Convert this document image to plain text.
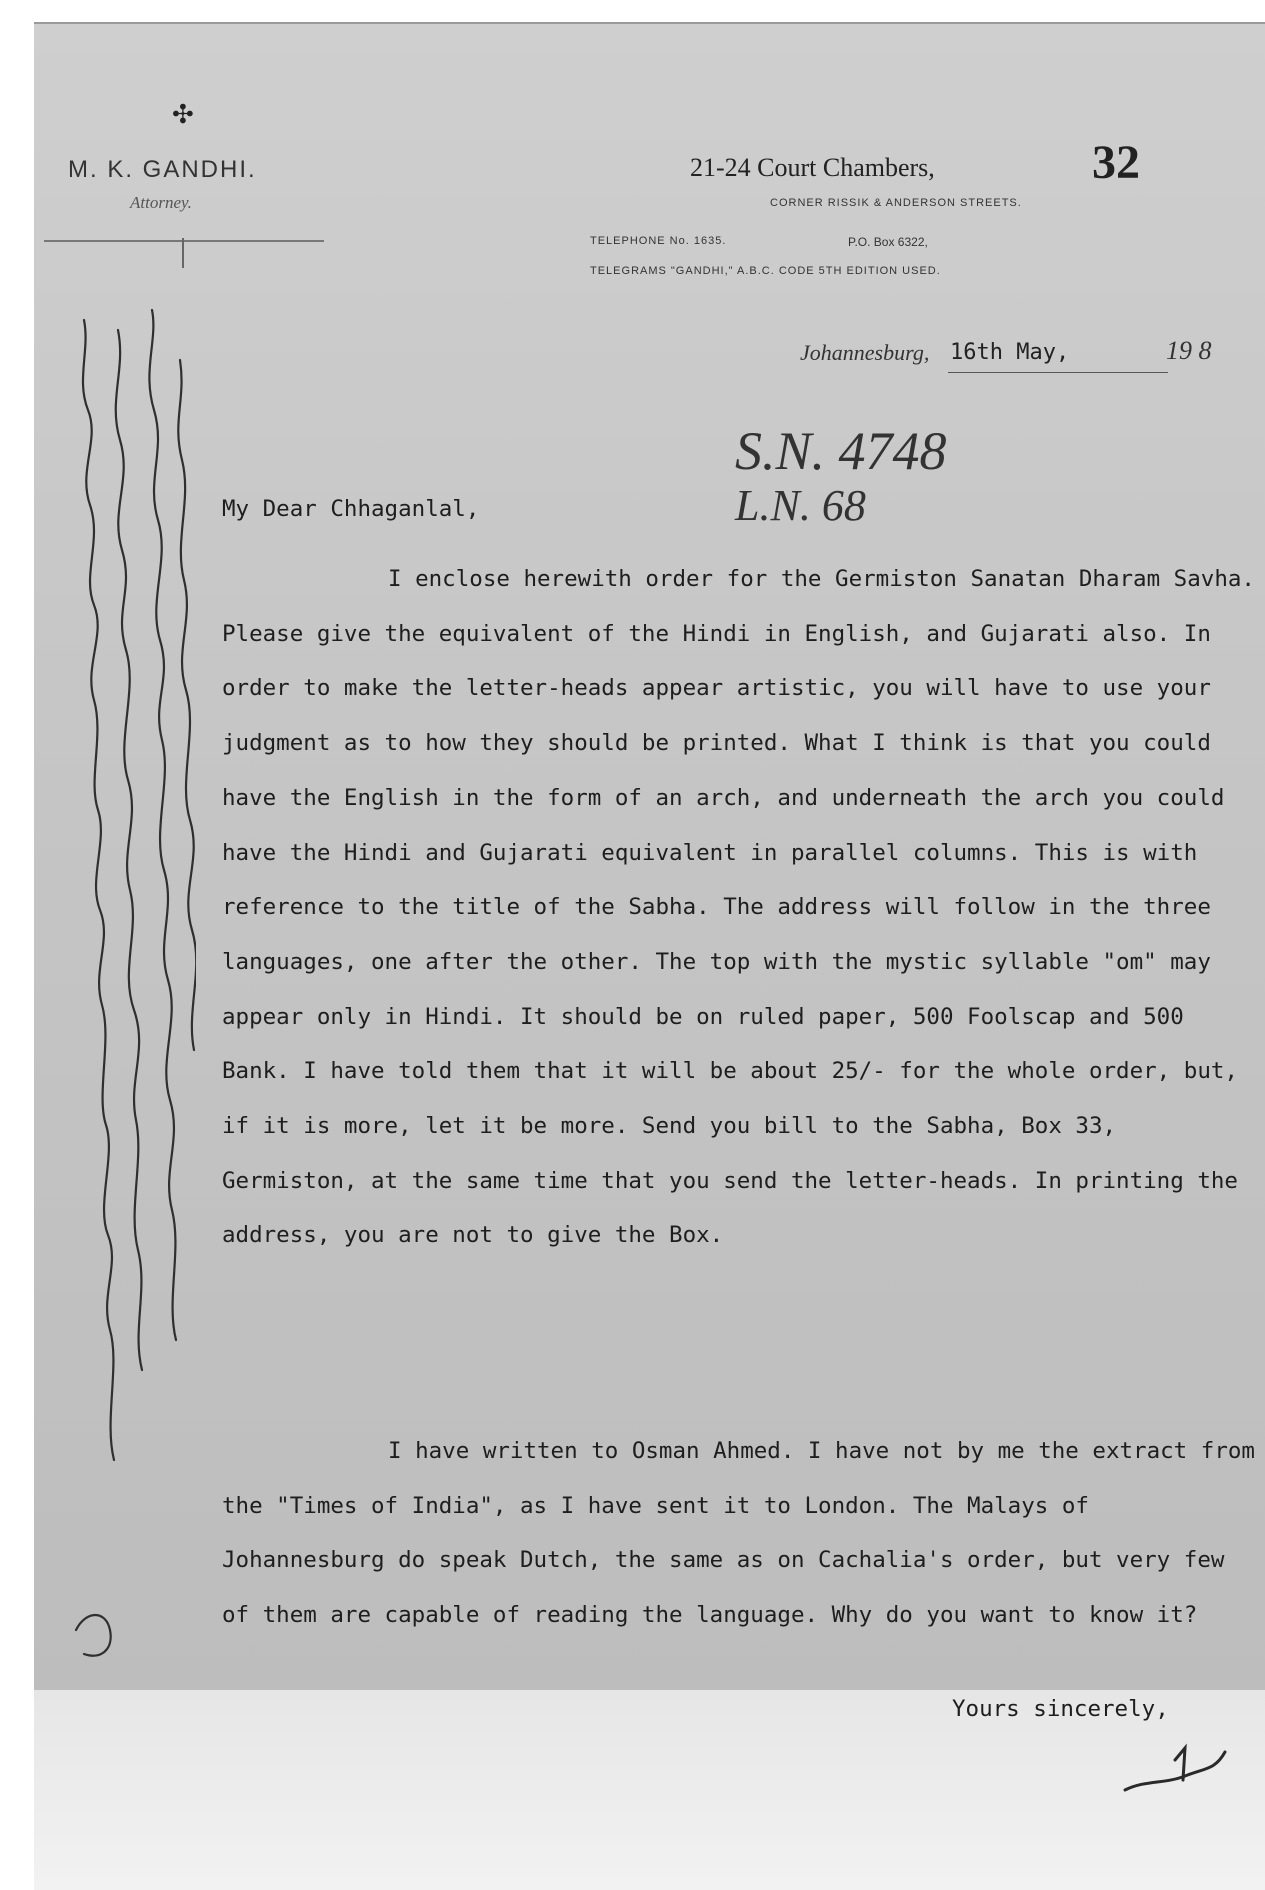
✣
M. K. GANDHI.
Attorney.
21-24 Court Chambers,
CORNER RISSIK & ANDERSON STREETS.
TELEPHONE No. 1635.	P.O. Box 6322,
TELEGRAMS "GANDHI," A.B.C. CODE 5TH EDITION USED.
32
Johannesburg, 16th May,	19 8
S.N. 4748
L.N. 68
My Dear Chhaganlal,
I enclose herewith order for the Germiston Sanatan Dharam Savha. Please give the equivalent of the Hindi in English, and Gujarati also. In order to make the letter-heads appear artistic, you will have to use your judgment as to how they should be printed. What I think is that you could have the English in the form of an arch, and underneath the arch you could have the Hindi and Gujarati equivalent in parallel columns. This is with reference to the title of the Sabha. The address will follow in the three languages, one after the other. The top with the mystic syllable "om" may appear only in Hindi. It should be on ruled paper, 500 Foolscap and 500 Bank. I have told them that it will be about 25/- for the whole order, but, if it is more, let it be more. Send you bill to the Sabha, Box 33, Germiston, at the same time that you send the letter-heads. In printing the address, you are not to give the Box.
I have written to Osman Ahmed. I have not by me the extract from the "Times of India", as I have sent it to London. The Malays of Johannesburg do speak Dutch, the same as on Cachalia's order, but very few of them are capable of reading the language. Why do you want to know it?
Yours sincerely,
